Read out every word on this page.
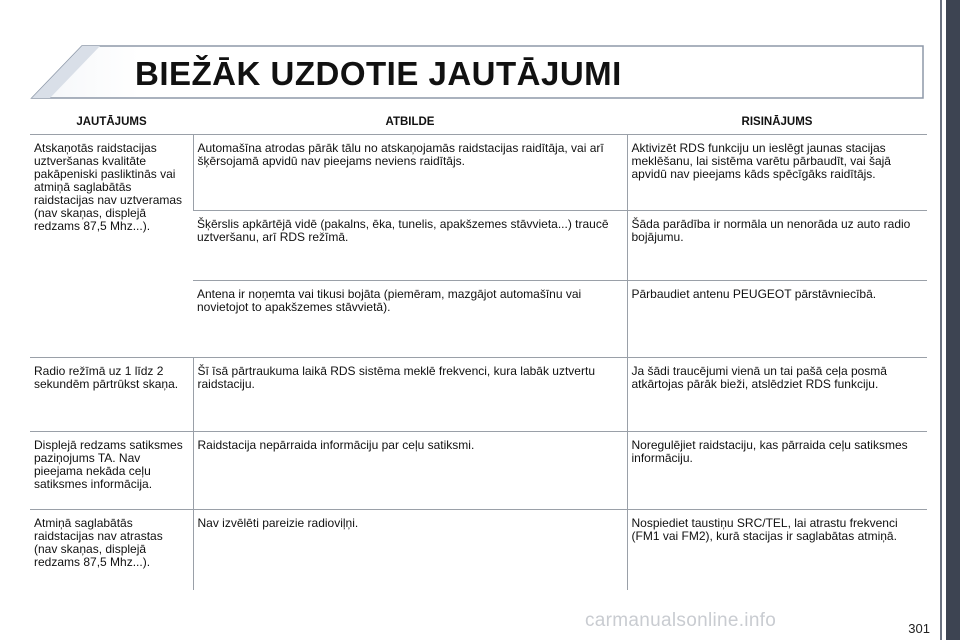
BIEŽĀK UZDOTIE JAUTĀJUMI
JAUTĀJUMS	ATBILDE	RISINĀJUMS
Atskaņotās raidstacijas uztveršanas kvalitāte pakāpeniski pasliktinās vai atmiņā saglabātās raidstacijas nav uztveramas (nav skaņas, displejā redzams 87,5 Mhz...).	Automašīna atrodas pārāk tālu no atskaņojamās raidstacijas raidītāja, vai arī šķērsojamā apvidū nav pieejams neviens raidītājs.	Aktivizēt RDS funkciju un ieslēgt jaunas stacijas meklēšanu, lai sistēma varētu pārbaudīt, vai šajā apvidū nav pieejams kāds spēcīgāks raidītājs.
	Šķērslis apkārtējā vidē (pakalns, ēka, tunelis, apakšzemes stāvvieta...) traucē uztveršanu, arī RDS režīmā.	Šāda parādība ir normāla un nenorāda uz auto radio bojājumu.
	Antena ir noņemta vai tikusi bojāta (piemēram, mazgājot automašīnu vai novietojot to apakšzemes stāvvietā).	Pārbaudiet antenu PEUGEOT pārstāvniecībā.
Radio režīmā uz 1 līdz 2 sekundēm pārtrūkst skaņa.	Šī īsā pārtraukuma laikā RDS sistēma meklē frekvenci, kura labāk uztvertu raidstaciju.	Ja šādi traucējumi vienā un tai pašā ceļa posmā atkārtojas pārāk bieži, atslēdziet RDS funkciju.
Displejā redzams satiksmes paziņojums TA. Nav pieejama nekāda ceļu satiksmes informācija.	Raidstacija nepārraida informāciju par ceļu satiksmi.	Noregulējiet raidstaciju, kas pārraida ceļu satiksmes informāciju.
Atmiņā saglabātās raidstacijas nav atrastas (nav skaņas, displejā redzams 87,5 Mhz...).	Nav izvēlēti pareizie radioviļņi.	Nospiediet taustiņu SRC/TEL, lai atrastu frekvenci (FM1 vai FM2), kurā stacijas ir saglabātas atmiņā.
carmanualsonline.info	301
